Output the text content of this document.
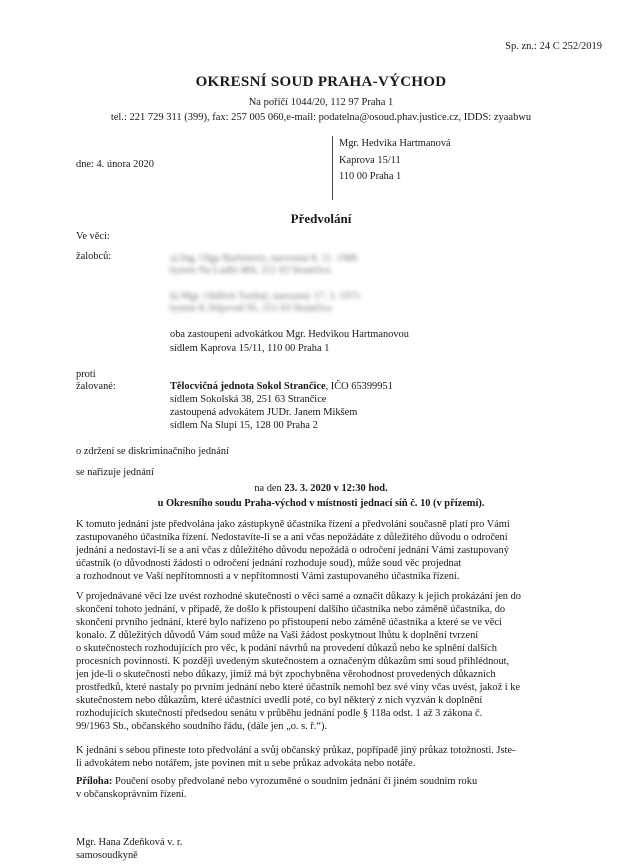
Sp. zn.: 24 C 252/2019
OKRESNÍ SOUD PRAHA-VÝCHOD
Na poříčí 1044/20, 112 97 Praha 1
tel.: 221 729 311 (399), fax: 257 005 060,e-mail: podatelna@osoud.phav.justice.cz, IDDS: zyaabwu
dne: 4. února 2020
Mgr. Hedvika Hartmanová
Kaprova 15/11
110 00 Praha 1
Předvolání
Ve věci:
žalobců:	a) Ing. Olga Barbmeris, narozená 8. 11. 1986
bytem Na Ladbi 484, 251 63 Strančice
b) Mgr. Oldřich Treibal, narozený 17. 3. 1971
bytem K Hájovně 95, 251 63 Strančice
oba zastoupeni advokátkou Mgr. Hedvikou Hartmanovou
sídlem Kaprova 15/11, 110 00 Praha 1
proti
žalované:	Tělocvičná jednota Sokol Strančice, IČO 65399951
sídlem Sokolská 38, 251 63 Strančice
zastoupená advokátem JUDr. Janem Mikšem
sídlem Na Slupi 15, 128 00 Praha 2
o zdržení se diskriminačního jednání
se nařizuje jednání
na den 23. 3. 2020 v 12:30 hod.
u Okresního soudu Praha-východ v místnosti jednací síň č. 10 (v přízemí).
K tomuto jednání jste předvolána jako zástupkyně účastníka řízení a předvolání současně platí pro Vámi
zastupovaného účastníka řízení. Nedostavíte-li se a ani včas nepožádáte z důležitého důvodu o odročení
jednání a nedostaví-li se a ani včas z důležitého důvodu nepožádá o odročení jednání Vámi zastupovaný
účastník (o důvodnosti žádosti o odročení jednání rozhoduje soud), může soud věc projednat
a rozhodnout ve Vaší nepřítomnosti a v nepřítomnosti Vámi zastupovaného účastníka řízení.
V projednávané věci lze uvést rozhodné skutečnosti o věci samé a označit důkazy k jejich prokázání jen do
skončení tohoto jednání, v případě, že došlo k přistoupení dalšího účastníka nebo záměně účastníka, do
skončení prvního jednání, které bylo nařízeno po přistoupení nebo záměně účastníka a které se ve věci
konalo. Z důležitých důvodů Vám soud může na Vaši žádost poskytnout lhůtu k doplnění tvrzení
o skutečnostech rozhodujících pro věc, k podání návrhů na provedení důkazů nebo ke splnění dalších
procesních povinností. K později uvedeným skutečnostem a označeným důkazům smí soud přihlédnout,
jen jde-li o skutečnosti nebo důkazy, jimiž má být zpochybněna věrohodnost provedených důkazních
prostředků, které nastaly po prvním jednání nebo které účastník nemohl bez své viny včas uvést, jakož i ke
skutečnostem nebo důkazům, které účastníci uvedli poté, co byl některý z nich vyzván k doplnění
rozhodujících skutečností předsedou senátu v průběhu jednání podle § 118a odst. 1 až 3 zákona č.
99/1963 Sb., občanského soudního řádu, (dále jen „o. s. ř.“).
K jednání s sebou přineste toto předvolání a svůj občanský průkaz, popřípadě jiný průkaz totožnosti. Jste-
li advokátem nebo notářem, jste povinen mít u sebe průkaz advokáta nebo notáře.
Příloha: Poučení osoby předvolané nebo vyrozuměné o soudním jednání či jiném soudním roku
v občanskoprávním řízení.
Mgr. Hana Zdeňková v. r.
samosoudkyně
